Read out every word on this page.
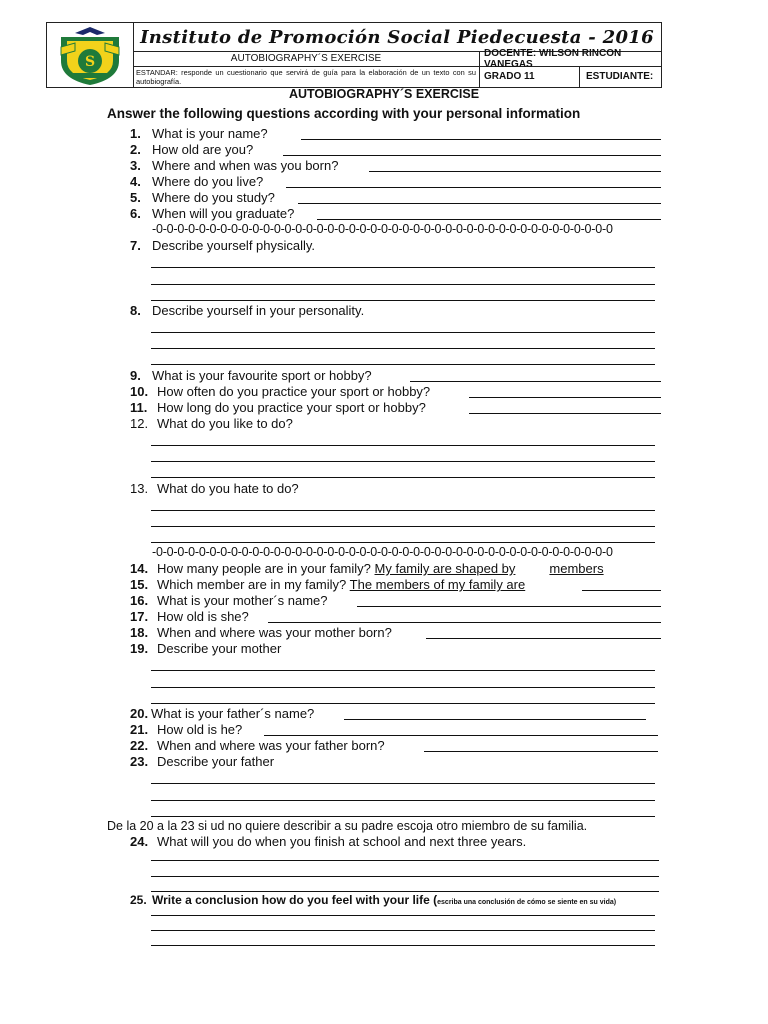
S
Instituto de Promoción Social Piedecuesta - 2016
AUTOBIOGRAPHY´S EXERCISE	DOCENTE: WILSON RINCON VANEGAS
ESTANDAR: responde un cuestionario que servirá de guía para la elaboración de un texto con su autobiografía.	GRADO 11	ESTUDIANTE:
AUTOBIOGRAPHY´S EXERCISE
Answer the following questions according with your personal information
1. What is your name?
2. How old are you?
3. Where and when was you born?
4. Where do you live?
5. Where do you study?
6. When will you graduate?
-0-0-0-0-0-0-0-0-0-0-0-0-0-0-0-0-0-0-0-0-0-0-0-0-0-0-0-0-0-0-0-0-0-0-0-0-0-0-0-0-0-0-0
7. Describe yourself physically.
8. Describe yourself in your personality.
9. What is your favourite sport or hobby?
10. How often do you practice your sport or hobby?
11. How long do you practice your sport or hobby?
12. What do you like to do?
13. What do you hate to do?
-0-0-0-0-0-0-0-0-0-0-0-0-0-0-0-0-0-0-0-0-0-0-0-0-0-0-0-0-0-0-0-0-0-0-0-0-0-0-0-0-0-0-0
14. How many people are in your family? My family are shaped by	members
15. Which member are in my family? The members of my family are
16. What is your mother´s name?
17. How old is she?
18. When and where was your mother born?
19. Describe your mother
20. What is your father´s name?
21. How old is he?
22. When and where was your father born?
23. Describe your father
De la 20 a la 23 si ud no quiere describir a su padre escoja otro miembro de su familia.
24. What will you do when you finish at school and next three years.
25. Write a conclusion how do you feel with your life (escriba una conclusión de cómo se siente en su vida)
